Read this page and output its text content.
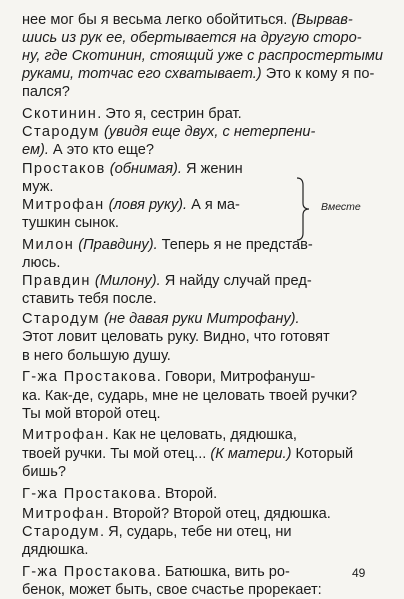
нее мог бы я весьма легко обойтиться. (Вырвав-
шись из рук ее, обертывается на другую сторо-
ну, где Скотинин, стоящий уже с распростертыми
руками, тотчас его схватывает.) Это к кому я по-
пался?
Скотинин. Это я, сестрин брат.
Стародум (увидя еще двух, с нетерпени-
ем). А это кто еще?
Простаков (обнимая). Я женин
муж.
Митрофан (ловя руку). А я ма-
тушкин сынок.
Милон (Правдину). Теперь я не представ-
люсь.
Правдин (Милону). Я найду случай пред-
ставить тебя после.
Стародум (не давая руки Митрофану).
Этот ловит целовать руку. Видно, что готовят
в него большую душу.
Г-жа Простакова. Говори, Митрофануш-
ка. Как-де, сударь, мне не целовать твоей ручки?
Ты мой второй отец.
Митрофан. Как не целовать, дядюшка,
твоей ручки. Ты мой отец... (К матери.) Который
бишь?
Г-жа Простакова. Второй.
Митрофан. Второй? Второй отец, дядюшка.
Стародум. Я, сударь, тебе ни отец, ни
дядюшка.
Г-жа Простакова. Батюшка, вить ро-
бенок, может быть, свое счастье прорекает:
Вместе
49
